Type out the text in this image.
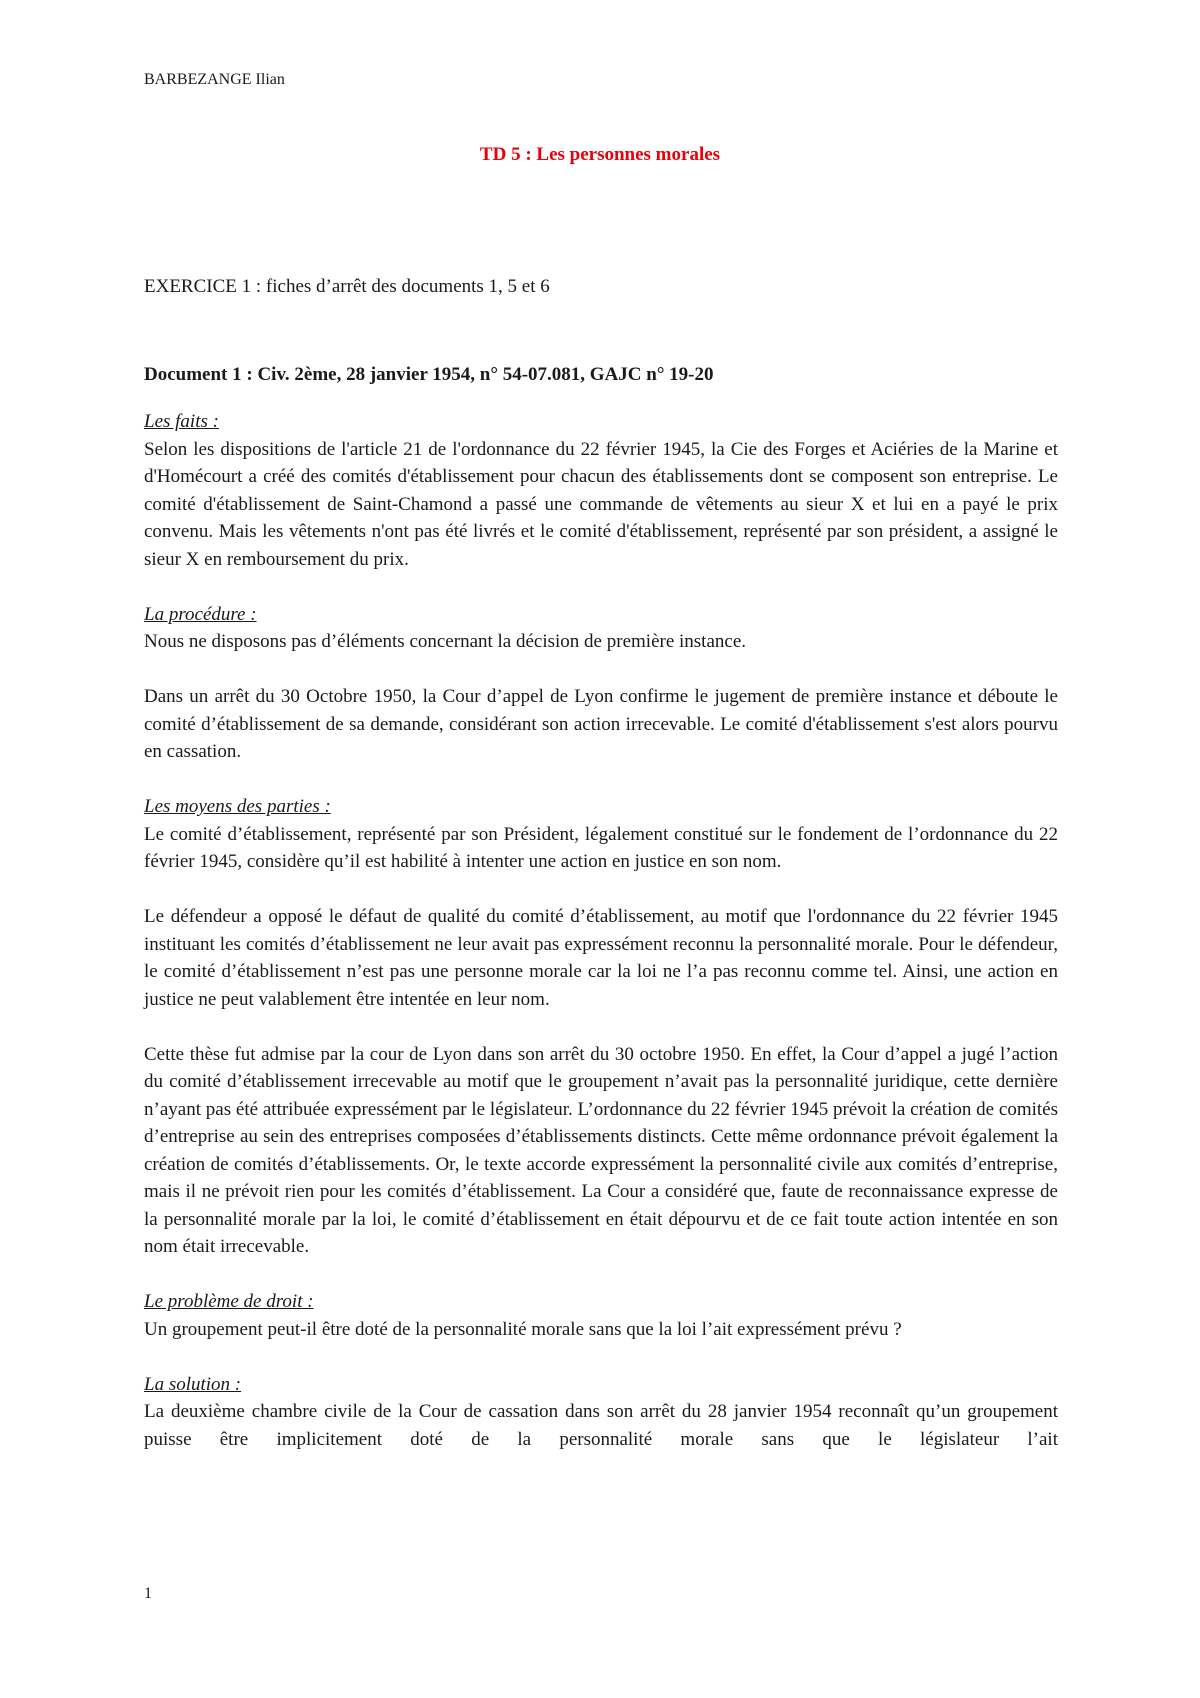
BARBEZANGE Ilian
TD 5 : Les personnes morales
EXERCICE 1 : fiches d’arrêt des documents 1, 5 et 6
Document 1 : Civ. 2ème, 28 janvier 1954, n° 54-07.081, GAJC n° 19-20

Les faits :

Selon les dispositions de l'article 21 de l'ordonnance du 22 février 1945, la Cie des Forges et Aciéries de la Marine et d'Homécourt a créé des comités d'établissement pour chacun des établissements dont se composent son entreprise. Le comité d'établissement de Saint-Chamond a passé une commande de vêtements au sieur X et lui en a payé le prix convenu. Mais les vêtements n'ont pas été livrés et le comité d'établissement, représenté par son président, a assigné le sieur X en remboursement du prix.

La procédure :

Nous ne disposons pas d’éléments concernant la décision de première instance.

Dans un arrêt du 30 Octobre 1950, la Cour d’appel de Lyon confirme le jugement de première instance et déboute le comité d’établissement de sa demande, considérant son action irrecevable. Le comité d'établissement s'est alors pourvu en cassation.

Les moyens des parties :

Le comité d’établissement, représenté par son Président, légalement constitué sur le fondement de l’ordonnance du 22 février 1945, considère qu’il est habilité à intenter une action en justice en son nom.

Le défendeur a opposé le défaut de qualité du comité d’établissement, au motif que l'ordonnance du 22 février 1945 instituant les comités d’établissement ne leur avait pas expressément reconnu la personnalité morale. Pour le défendeur, le comité d’établissement n’est pas une personne morale car la loi ne l’a pas reconnu comme tel. Ainsi, une action en justice ne peut valablement être intentée en leur nom.

Cette thèse fut admise par la cour de Lyon dans son arrêt du 30 octobre 1950. En effet, la Cour d’appel a jugé l’action du comité d’établissement irrecevable au motif que le groupement n’avait pas la personnalité juridique, cette dernière n’ayant pas été attribuée expressément par le législateur. L’ordonnance du 22 février 1945 prévoit la création de comités d’entreprise au sein des entreprises composées d’établissements distincts. Cette même ordonnance prévoit également la création de comités d’établissements. Or, le texte accorde expressément la personnalité civile aux comités d’entreprise, mais il ne prévoit rien pour les comités d’établissement. La Cour a considéré que, faute de reconnaissance expresse de la personnalité morale par la loi, le comité d’établissement en était dépourvu et de ce fait toute action intentée en son nom était irrecevable.

Le problème de droit :

Un groupement peut-il être doté de la personnalité morale sans que la loi l’ait expressément prévu ?

La solution :

La deuxième chambre civile de la Cour de cassation dans son arrêt du 28 janvier 1954 reconnaît qu’un groupement puisse être implicitement doté de la personnalité morale sans que le législateur l’ait

1
